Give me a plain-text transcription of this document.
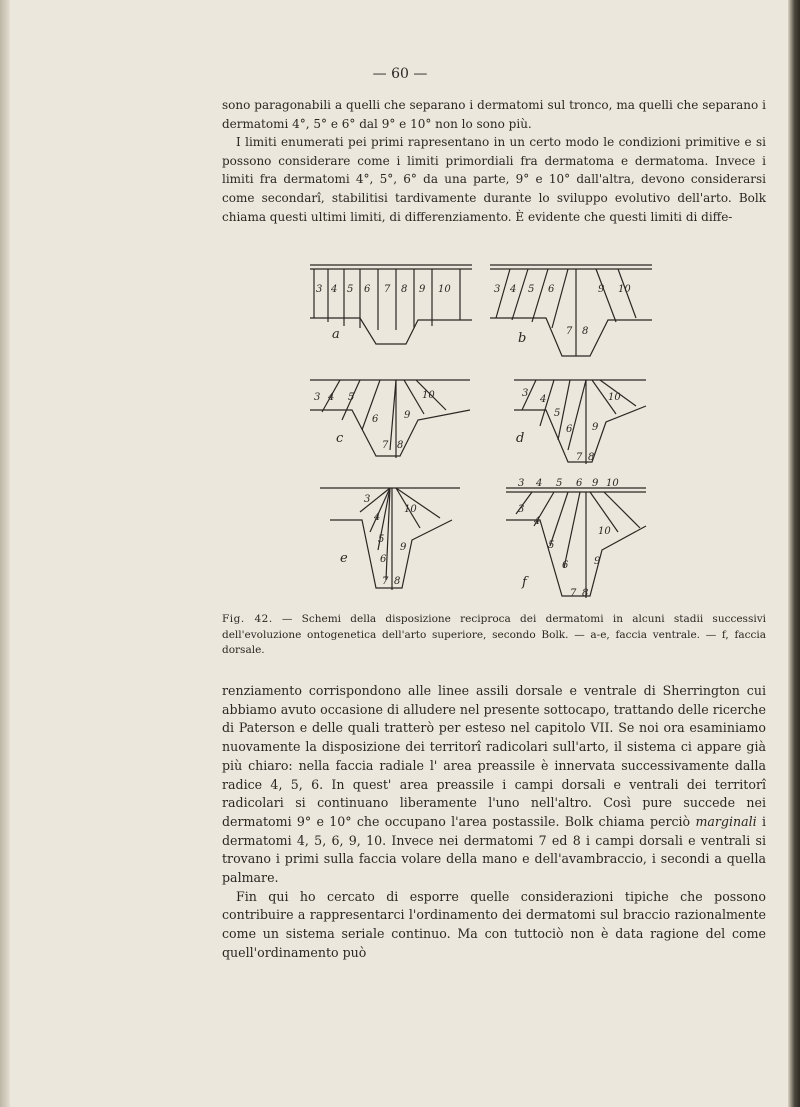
— 60 —

sono paragonabili a quelli che separano i dermatomi sul tronco, ma quelli che separano i dermatomi 4°, 5° e 6° dal 9° e 10° non lo sono più.

I limiti enumerati pei primi rapresentano in un certo modo le condizioni primitive e si possono considerare come i limiti primordiali fra dermatoma e dermatoma. Invece i limiti fra dermatomi 4°, 5°, 6° da una parte, 9° e 10° dall'altra, devono considerarsi come secondarî, stabilitisi tardivamente durante lo sviluppo evolutivo dell'arto. Bolk chiama questi ultimi limiti, di differenziamento. È evidente che questi limiti di diffe-

a	b
c	d
e
f
3 4 5 6 7 8 9 10	3 4 5 6
7 8
9 10
3 4 5
6
7 8
9
10	3
4
5
6
7 8
9
10
3
4
5
6
7 8
9
10
3 4 5 6 9 10
3
4
5
6
7 8
9
10

Fig. 42. — Schemi della disposizione reciproca dei dermatomi in alcuni stadii successivi dell'evoluzione ontogenetica dell'arto superiore, secondo Bolk. — a-e, faccia ventrale. — f, faccia dorsale.

renziamento corrispondono alle linee assili dorsale e ventrale di Sherrington cui abbiamo avuto occasione di alludere nel presente sottocapo, trattando delle ricerche di Paterson e delle quali tratterò per esteso nel capitolo VII. Se noi ora esaminiamo nuovamente la disposizione dei territorî radicolari sull'arto, il sistema ci appare già più chiaro: nella faccia radiale l' area preassile è innervata successivamente dalla radice 4, 5, 6. In quest' area preassile i campi dorsali e ventrali dei territorî radicolari si continuano liberamente l'uno nell'altro. Così pure succede nei dermatomi 9° e 10° che occupano l'area postassile. Bolk chiama perciò marginali i dermatomi 4, 5, 6, 9, 10. Invece nei dermatomi 7 ed 8 i campi dorsali e ventrali si trovano i primi sulla faccia volare della mano e dell'avambraccio, i secondi a quella palmare.

Fin qui ho cercato di esporre quelle considerazioni tipiche che possono contribuire a rappresentarci l'ordinamento dei dermatomi sul braccio razionalmente come un sistema seriale continuo. Ma con tuttociò non è data ragione del come quell'ordinamento può
